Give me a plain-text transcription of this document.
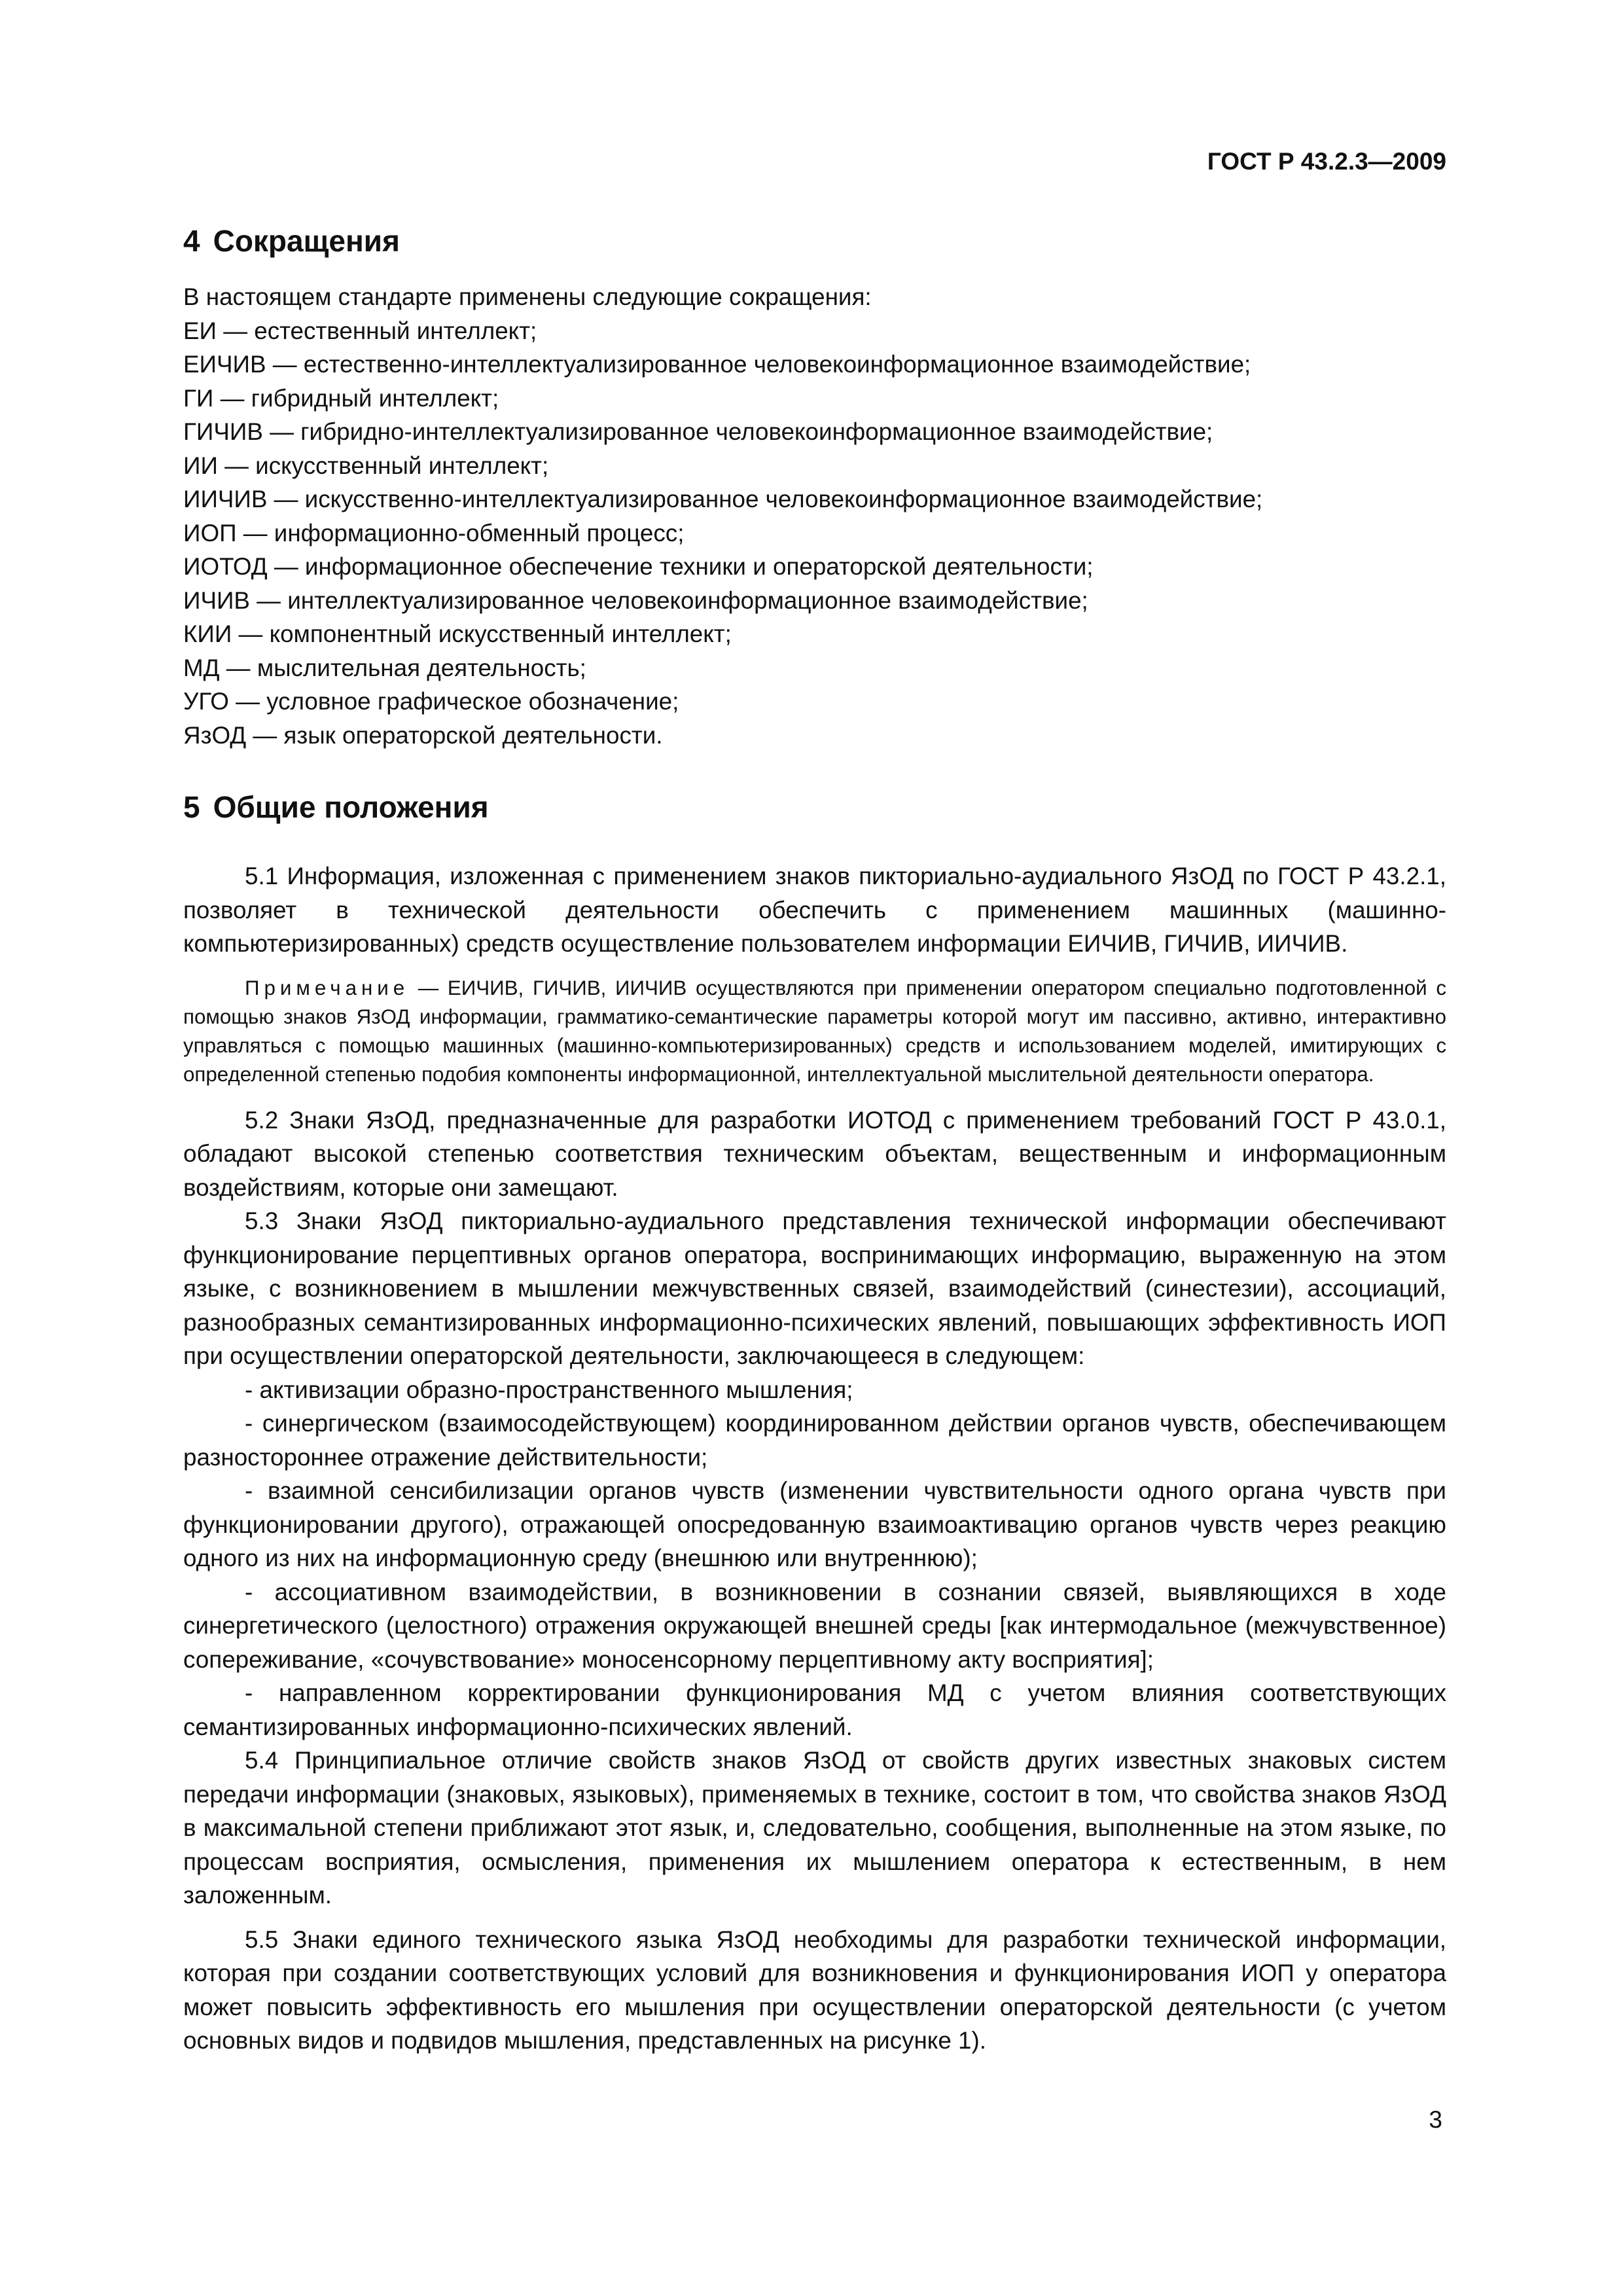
ГОСТ Р 43.2.3—2009
4 Сокращения
В настоящем стандарте применены следующие сокращения:
ЕИ — естественный интеллект;
ЕИЧИВ — естественно-интеллектуализированное человекоинформационное взаимодействие;
ГИ — гибридный интеллект;
ГИЧИВ — гибридно-интеллектуализированное человекоинформационное взаимодействие;
ИИ — искусственный интеллект;
ИИЧИВ — искусственно-интеллектуализированное человекоинформационное взаимодействие;
ИОП — информационно-обменный процесс;
ИОТОД — информационное обеспечение техники и операторской деятельности;
ИЧИВ — интеллектуализированное человекоинформационное взаимодействие;
КИИ — компонентный искусственный интеллект;
МД — мыслительная деятельность;
УГО — условное графическое обозначение;
ЯзОД — язык операторской деятельности.
5 Общие положения

5.1 Информация, изложенная с применением знаков пикториально-аудиального ЯзОД по ГОСТ Р 43.2.1, позволяет в технической деятельности обеспечить с применением машинных (машинно-компьютеризированных) средств осуществление пользователем информации ЕИЧИВ, ГИЧИВ, ИИЧИВ.

Примечание — ЕИЧИВ, ГИЧИВ, ИИЧИВ осуществляются при применении оператором специально подготовленной с помощью знаков ЯзОД информации, грамматико-семантические параметры которой могут им пассивно, активно, интерактивно управляться с помощью машинных (машинно-компьютеризированных) средств и использованием моделей, имитирующих с определенной степенью подобия компоненты информационной, интеллектуальной мыслительной деятельности оператора.

5.2 Знаки ЯзОД, предназначенные для разработки ИОТОД с применением требований ГОСТ Р 43.0.1, обладают высокой степенью соответствия техническим объектам, вещественным и информационным воздействиям, которые они замещают.

5.3 Знаки ЯзОД пикториально-аудиального представления технической информации обеспечивают функционирование перцептивных органов оператора, воспринимающих информацию, выраженную на этом языке, с возникновением в мышлении межчувственных связей, взаимодействий (синестезии), ассоциаций, разнообразных семантизированных информационно-психических явлений, повышающих эффективность ИОП при осуществлении операторской деятельности, заключающееся в следующем:

- активизации образно-пространственного мышления;

- синергическом (взаимосодействующем) координированном действии органов чувств, обеспечивающем разностороннее отражение действительности;

- взаимной сенсибилизации органов чувств (изменении чувствительности одного органа чувств при функционировании другого), отражающей опосредованную взаимоактивацию органов чувств через реакцию одного из них на информационную среду (внешнюю или внутреннюю);

- ассоциативном взаимодействии, в возникновении в сознании связей, выявляющихся в ходе синергетического (целостного) отражения окружающей внешней среды [как интермодальное (межчувственное) сопереживание, «сочувствование» моносенсорному перцептивному акту восприятия];

- направленном корректировании функционирования МД с учетом влияния соответствующих семантизированных информационно-психических явлений.

5.4 Принципиальное отличие свойств знаков ЯзОД от свойств других известных знаковых систем передачи информации (знаковых, языковых), применяемых в технике, состоит в том, что свойства знаков ЯзОД в максимальной степени приближают этот язык, и, следовательно, сообщения, выполненные на этом языке, по процессам восприятия, осмысления, применения их мышлением оператора к естественным, в нем заложенным.

5.5 Знаки единого технического языка ЯзОД необходимы для разработки технической информации, которая при создании соответствующих условий для возникновения и функционирования ИОП у оператора может повысить эффективность его мышления при осуществлении операторской деятельности (с учетом основных видов и подвидов мышления, представленных на рисунке 1).

3
